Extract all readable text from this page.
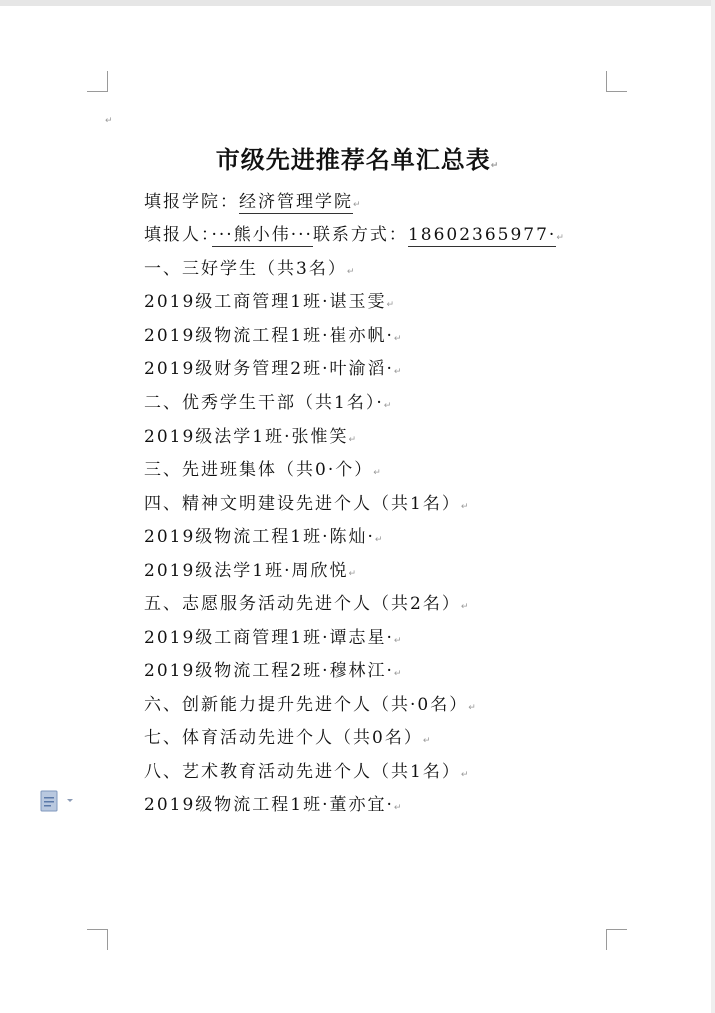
↵
市级先进推荐名单汇总表↵
填报学院：经济管理学院↵
填报人：···熊小伟···联系方式：18602365977·↵
一、三好学生（共3名）↵
2019级工商管理1班·谌玉雯↵
2019级物流工程1班·崔亦帆·↵
2019级财务管理2班·叶渝滔·↵
二、优秀学生干部（共1名）·↵
2019级法学1班·张惟笑↵
三、先进班集体（共0·个）↵
四、精神文明建设先进个人（共1名）↵
2019级物流工程1班·陈灿·↵
2019级法学1班·周欣悦↵
五、志愿服务活动先进个人（共2名）↵
2019级工商管理1班·谭志星·↵
2019级物流工程2班·穆林江·↵
六、创新能力提升先进个人（共·0名）↵
七、体育活动先进个人（共0名）↵
八、艺术教育活动先进个人（共1名）↵
2019级物流工程1班·董亦宜·↵
